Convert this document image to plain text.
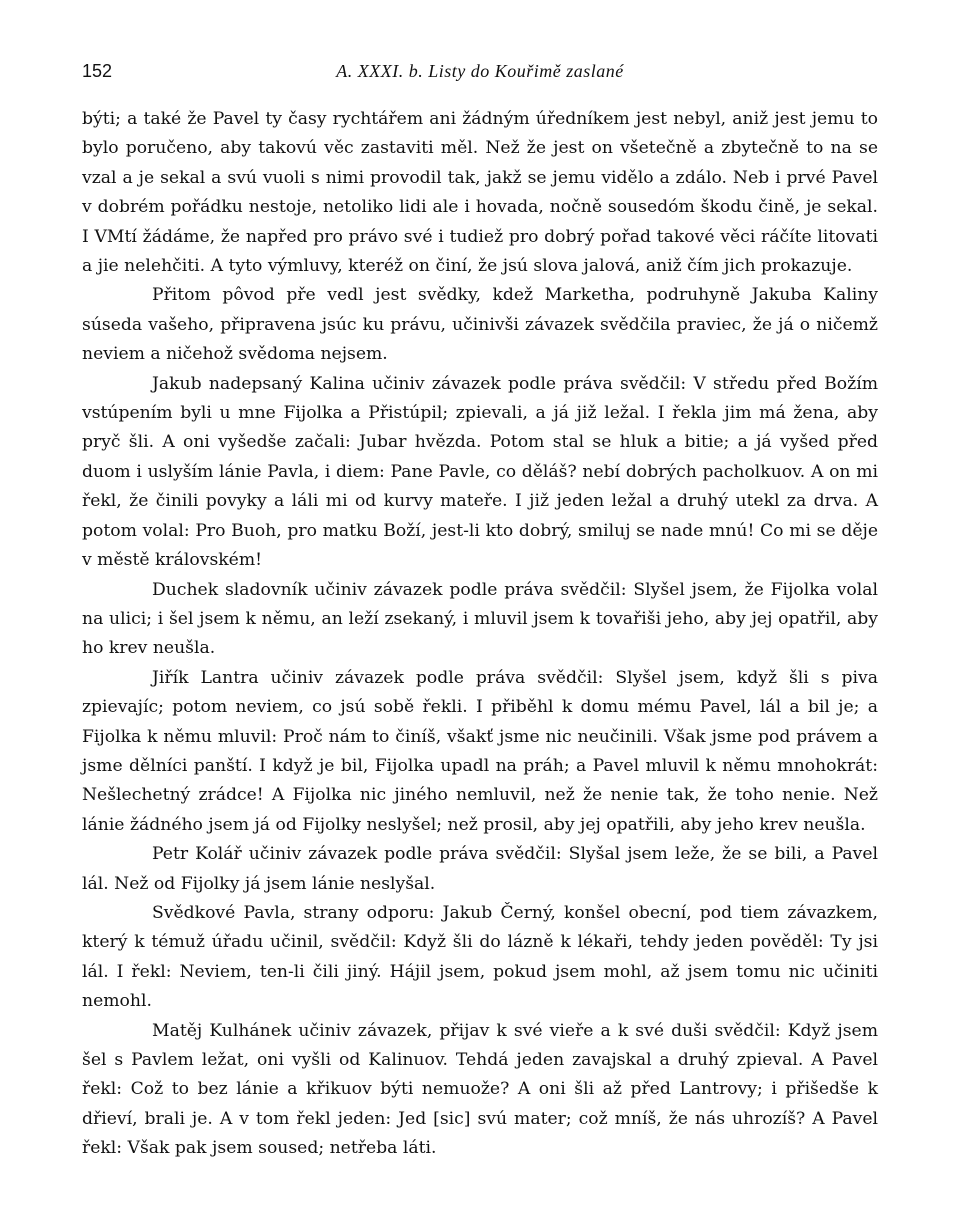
152	A. XXXI. b. Listy do Kouřimě zaslané

býti; a také že Pavel ty časy rychtářem ani žádným úředníkem jest nebyl, aniž jest jemu to bylo poručeno, aby takovú věc zastaviti měl. Než že jest on všetečně a zbytečně to na se vzal a je sekal a svú vuoli s nimi provodil tak, jakž se jemu vidělo a zdálo. Neb i prvé Pavel v dobrém pořádku nestoje, netoliko lidi ale i hovada, nočně sousedóm škodu čině, je sekal. I VMtí žádáme, že napřed pro právo své i tudiež pro dobrý pořad takové věci ráčíte litovati a jie nelehčiti. A tyto výmluvy, kteréž on činí, že jsú slova jalová, aniž čím jich prokazuje.

Přitom pôvod pře vedl jest svědky, kdež Marketha, podruhyně Jakuba Kaliny súseda vašeho, připravena jsúc ku právu, učinivši závazek svědčila praviec, že já o ničemž neviem a ničehož svědoma nejsem.

Jakub nadepsaný Kalina učiniv závazek podle práva svědčil: V středu před Božím vstúpením byli u mne Fijolka a Přistúpil; zpievali, a já již ležal. I řekla jim má žena, aby pryč šli. A oni vyšedše začali: Jubar hvězda. Potom stal se hluk a bitie; a já vyšed před duom i uslyším lánie Pavla, i diem: Pane Pavle, co děláš? nebí dobrých pacholkuov. A on mi řekl, že činili povyky a láli mi od kurvy mateře. I již jeden ležal a druhý utekl za drva. A potom volal: Pro Buoh, pro matku Boží, jest-li kto dobrý, smiluj se nade mnú! Co mi se děje v městě královském!

Duchek sladovník učiniv závazek podle práva svědčil: Slyšel jsem, že Fijolka volal na ulici; i šel jsem k němu, an leží zsekaný, i mluvil jsem k tovařiši jeho, aby jej opatřil, aby ho krev neušla.

Jiřík Lantra učiniv závazek podle práva svědčil: Slyšel jsem, když šli s piva zpievajíc; potom neviem, co jsú sobě řekli. I přiběhl k domu mému Pavel, lál a bil je; a Fijolka k němu mluvil: Proč nám to činíš, všakť jsme nic neučinili. Však jsme pod právem a jsme dělníci panští. I když je bil, Fijolka upadl na práh; a Pavel mluvil k němu mnohokrát: Nešlechetný zrádce! A Fijolka nic jiného nemluvil, než že nenie tak, že toho nenie. Než lánie žádného jsem já od Fijolky neslyšel; než prosil, aby jej opatřili, aby jeho krev neušla.

Petr Kolář učiniv závazek podle práva svědčil: Slyšal jsem leže, že se bili, a Pavel lál. Než od Fijolky já jsem lánie neslyšal.

Svědkové Pavla, strany odporu: Jakub Černý, konšel obecní, pod tiem závazkem, který k témuž úřadu učinil, svědčil: Když šli do lázně k lékaři, tehdy jeden pověděl: Ty jsi lál. I řekl: Neviem, ten-li čili jiný. Hájil jsem, pokud jsem mohl, až jsem tomu nic učiniti nemohl.

Matěj Kulhánek učiniv závazek, přijav k své vieře a k své duši svědčil: Když jsem šel s Pavlem ležat, oni vyšli od Kalinuov. Tehdá jeden zavajskal a druhý zpieval. A Pavel řekl: Což to bez lánie a křikuov býti nemuože? A oni šli až před Lantrovy; i přišedše k dřieví, brali je. A v tom řekl jeden: Jed [sic] svú mater; což mníš, že nás uhrozíš? A Pavel řekl: Však pak jsem soused; netřeba láti.
